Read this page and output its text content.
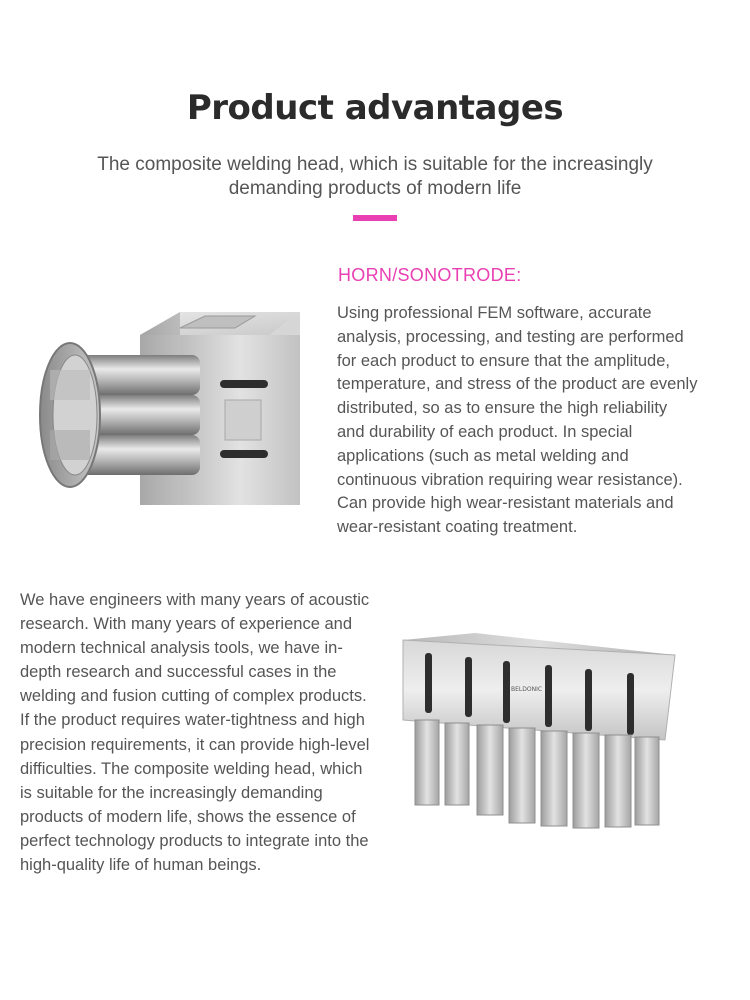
Product advantages
The composite welding head, which is suitable for the increasingly demanding products of modern life
HORN/SONOTRODE:
Using professional FEM software, accurate analysis, processing, and testing are performed for each product to ensure that the amplitude, temperature, and stress of the product are evenly distributed, so as to ensure the high reliability and durability of each product. In special applications (such as metal welding and continuous vibration requiring wear resistance). Can provide high wear-resistant materials and wear-resistant coating treatment.
We have engineers with many years of acoustic research. With many years of experience and modern technical analysis tools, we have in-depth research and successful cases in the welding and fusion cutting of complex products. If the product requires water-tightness and high precision requirements, it can provide high-level difficulties. The composite welding head, which is suitable for the increasingly demanding products of modern life, shows the essence of perfect technology products to integrate into the high-quality life of human beings.
BELDONIC
